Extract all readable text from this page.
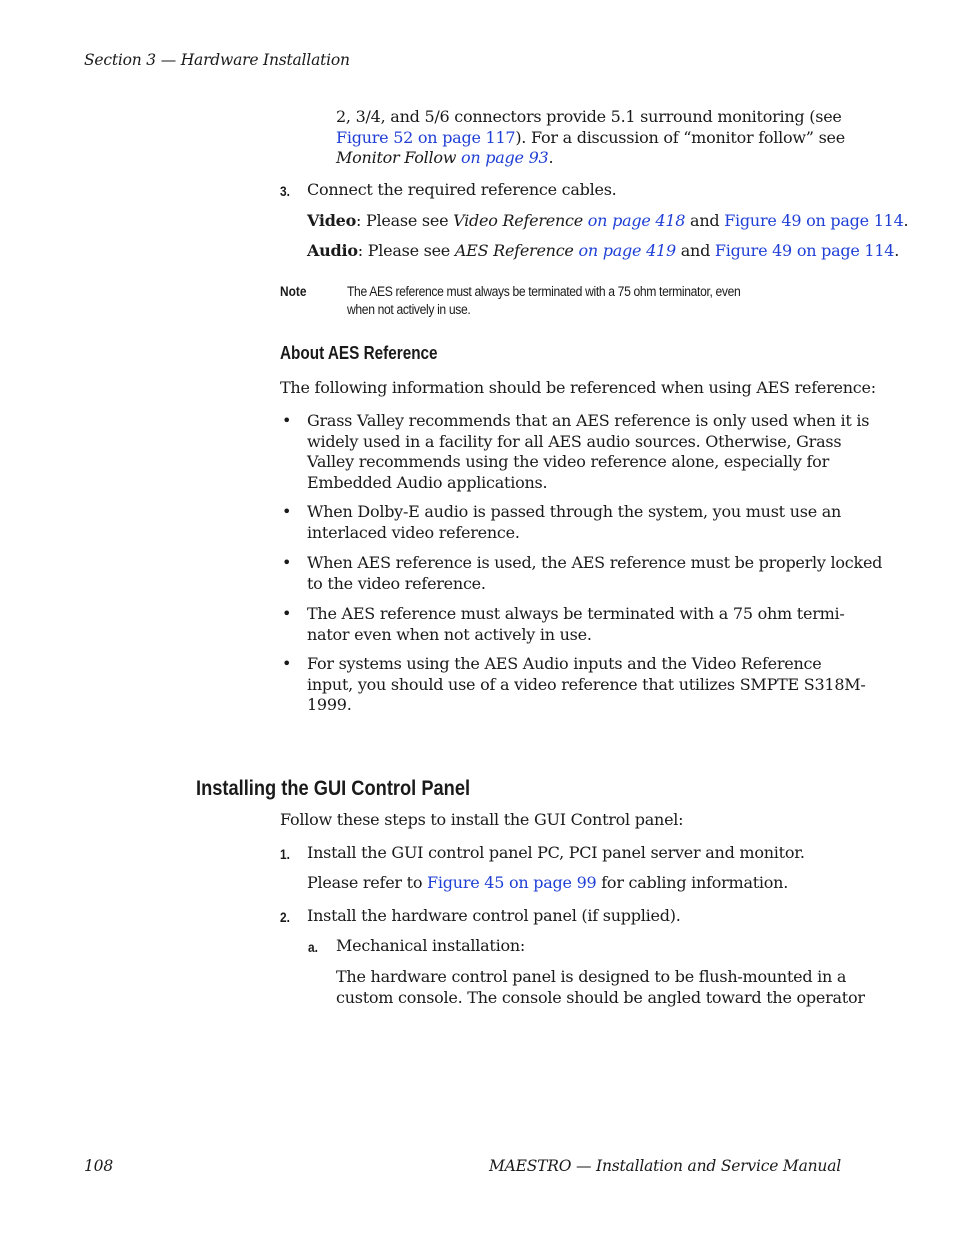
Section 3 — Hardware Installation
2, 3/4, and 5/6 connectors provide 5.1 surround monitoring (see
Figure 52 on page 117). For a discussion of “monitor follow” see
Monitor Follow on page 93.
3. Connect the required reference cables.
Video: Please see Video Reference on page 418 and Figure 49 on page 114.
Audio: Please see AES Reference on page 419 and Figure 49 on page 114.
Note	The AES reference must always be terminated with a 75 ohm terminator, even
when not actively in use.
About AES Reference
The following information should be referenced when using AES reference:
• Grass Valley recommends that an AES reference is only used when it is
widely used in a facility for all AES audio sources. Otherwise, Grass
Valley recommends using the video reference alone, especially for
Embedded Audio applications.
• When Dolby-E audio is passed through the system, you must use an
interlaced video reference.
• When AES reference is used, the AES reference must be properly locked
to the video reference.
• The AES reference must always be terminated with a 75 ohm termi-
nator even when not actively in use.
• For systems using the AES Audio inputs and the Video Reference
input, you should use of a video reference that utilizes SMPTE S318M-
1999.
Installing the GUI Control Panel
Follow these steps to install the GUI Control panel:
1. Install the GUI control panel PC, PCI panel server and monitor.
Please refer to Figure 45 on page 99 for cabling information.
2. Install the hardware control panel (if supplied).
a. Mechanical installation:
The hardware control panel is designed to be flush-mounted in a
custom console. The console should be angled toward the operator
108	MAESTRO — Installation and Service Manual
